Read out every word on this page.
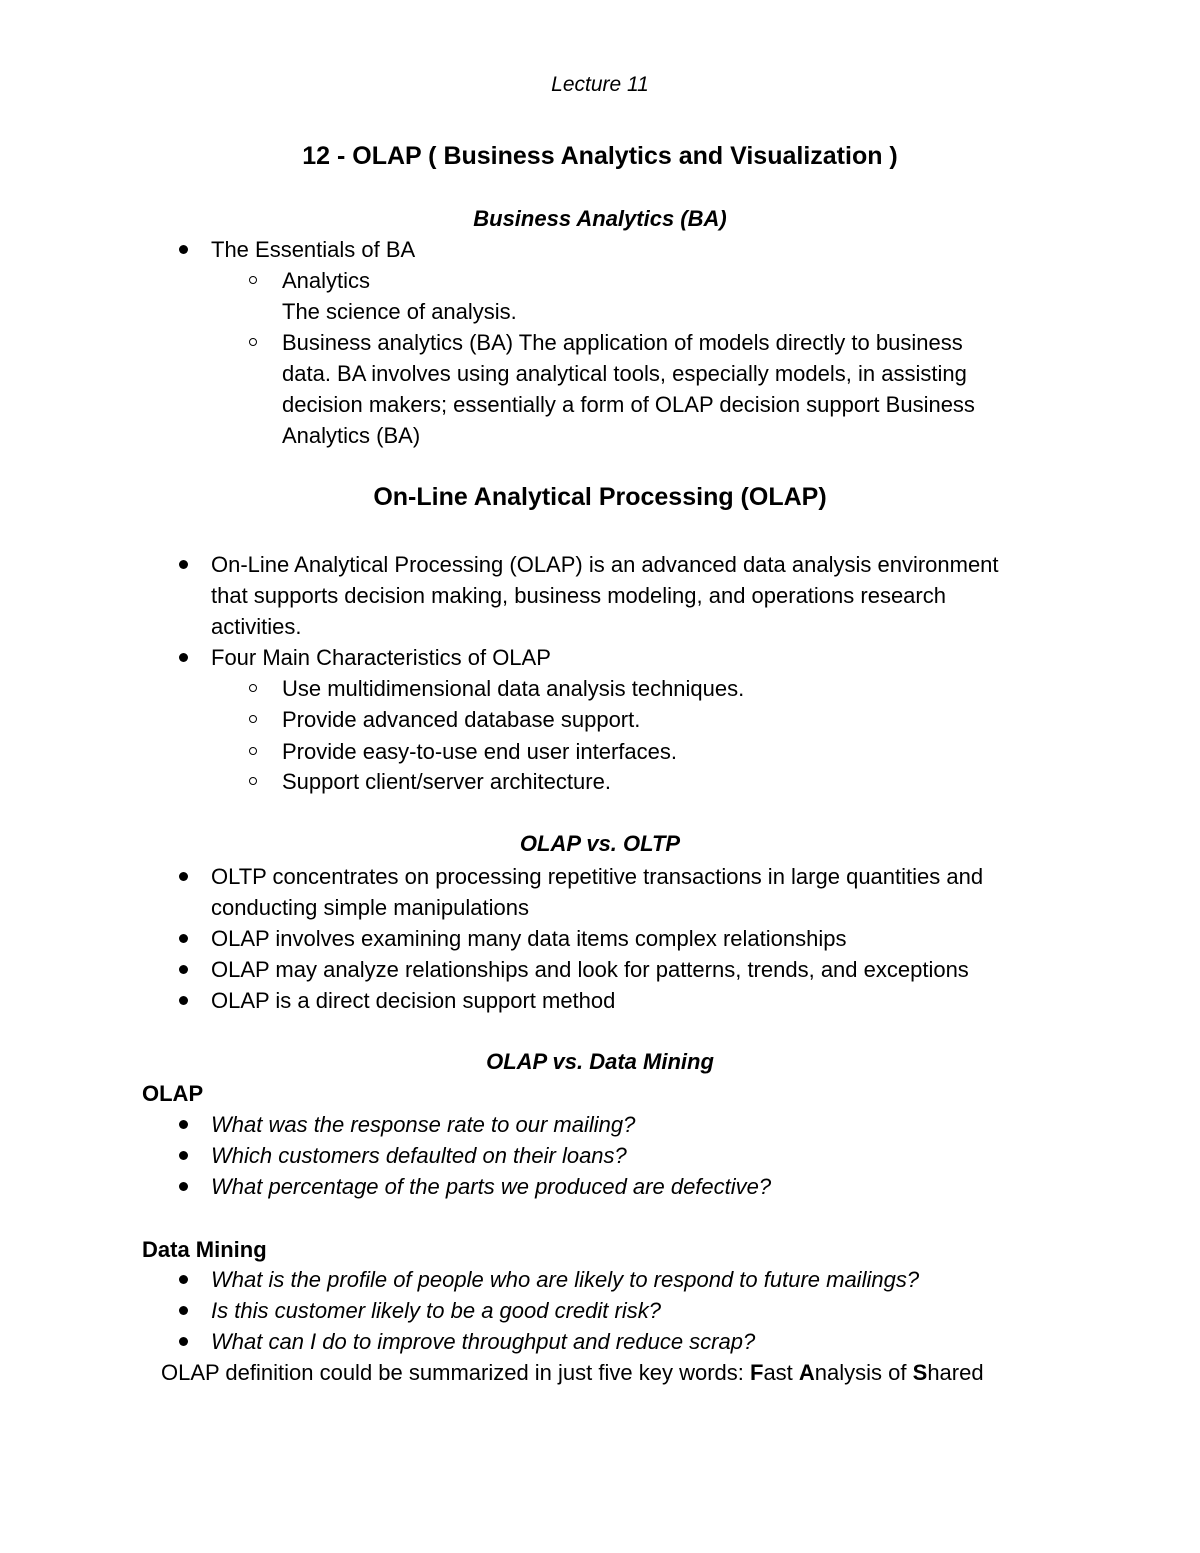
Lecture 11
12 - OLAP ( Business Analytics and Visualization )
Business Analytics (BA)
The Essentials of BA
Analytics
The science of analysis.
Business analytics (BA) The application of models directly to business
data. BA involves using analytical tools, especially models, in assisting
decision makers; essentially a form of OLAP decision support Business
Analytics (BA)
On-Line Analytical Processing (OLAP)
On-Line Analytical Processing (OLAP) is an advanced data analysis environment
that supports decision making, business modeling, and operations research
activities.
Four Main Characteristics of OLAP
Use multidimensional data analysis techniques.
Provide advanced database support.
Provide easy-to-use end user interfaces.
Support client/server architecture.
OLAP vs. OLTP
OLTP concentrates on processing repetitive transactions in large quantities and
conducting simple manipulations
OLAP involves examining many data items complex relationships
OLAP may analyze relationships and look for patterns, trends, and exceptions
OLAP is a direct decision support method
OLAP vs. Data Mining
OLAP
What was the response rate to our mailing?
Which customers defaulted on their loans?
What percentage of the parts we produced are defective?
Data Mining
What is the profile of people who are likely to respond to future mailings?
Is this customer likely to be a good credit risk?
What can I do to improve throughput and reduce scrap?
OLAP definition could be summarized in just five key words: Fast Analysis of Shared
